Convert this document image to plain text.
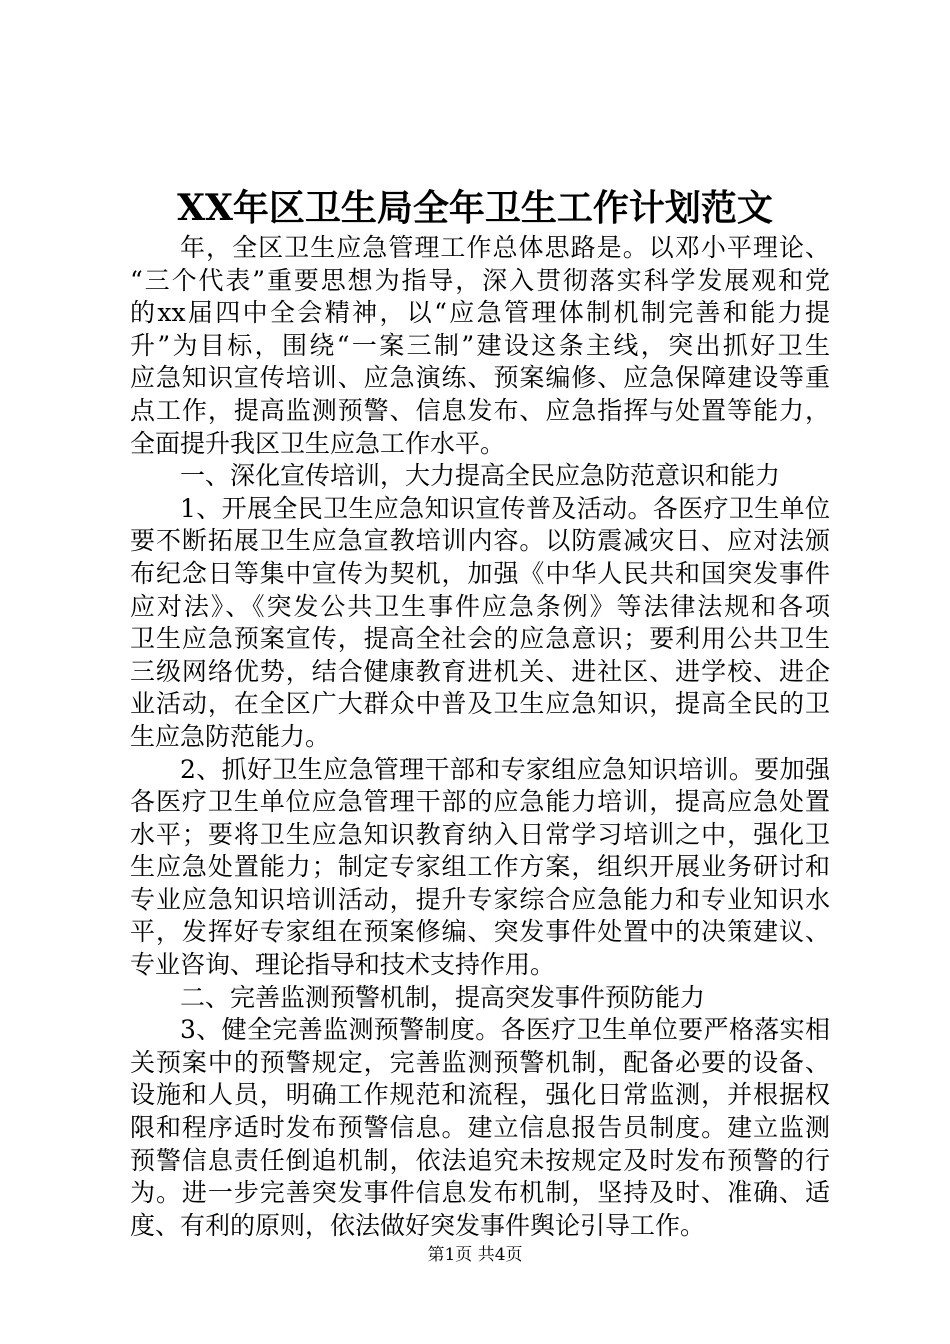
XX年区卫生局全年卫生工作计划范文
年，全区卫生应急管理工作总体思路是。以邓小平理论、
“三个代表”重要思想为指导，深入贯彻落实科学发展观和党
的xx届四中全会精神，以“应急管理体制机制完善和能力提
升”为目标，围绕“一案三制”建设这条主线，突出抓好卫生
应急知识宣传培训、应急演练、预案编修、应急保障建设等重
点工作，提高监测预警、信息发布、应急指挥与处置等能力，
全面提升我区卫生应急工作水平。
一、深化宣传培训，大力提高全民应急防范意识和能力
1、开展全民卫生应急知识宣传普及活动。各医疗卫生单位
要不断拓展卫生应急宣教培训内容。以防震减灾日、应对法颁
布纪念日等集中宣传为契机，加强《中华人民共和国突发事件
应对法》、《突发公共卫生事件应急条例》等法律法规和各项
卫生应急预案宣传，提高全社会的应急意识；要利用公共卫生
三级网络优势，结合健康教育进机关、进社区、进学校、进企
业活动，在全区广大群众中普及卫生应急知识，提高全民的卫
生应急防范能力。
2、抓好卫生应急管理干部和专家组应急知识培训。要加强
各医疗卫生单位应急管理干部的应急能力培训，提高应急处置
水平；要将卫生应急知识教育纳入日常学习培训之中，强化卫
生应急处置能力；制定专家组工作方案，组织开展业务研讨和
专业应急知识培训活动，提升专家综合应急能力和专业知识水
平，发挥好专家组在预案修编、突发事件处置中的决策建议、
专业咨询、理论指导和技术支持作用。
二、完善监测预警机制，提高突发事件预防能力
3、健全完善监测预警制度。各医疗卫生单位要严格落实相
关预案中的预警规定，完善监测预警机制，配备必要的设备、
设施和人员，明确工作规范和流程，强化日常监测，并根据权
限和程序适时发布预警信息。建立信息报告员制度。建立监测
预警信息责任倒追机制，依法追究未按规定及时发布预警的行
为。进一步完善突发事件信息发布机制，坚持及时、准确、适
度、有利的原则，依法做好突发事件舆论引导工作。
第1页 共4页
